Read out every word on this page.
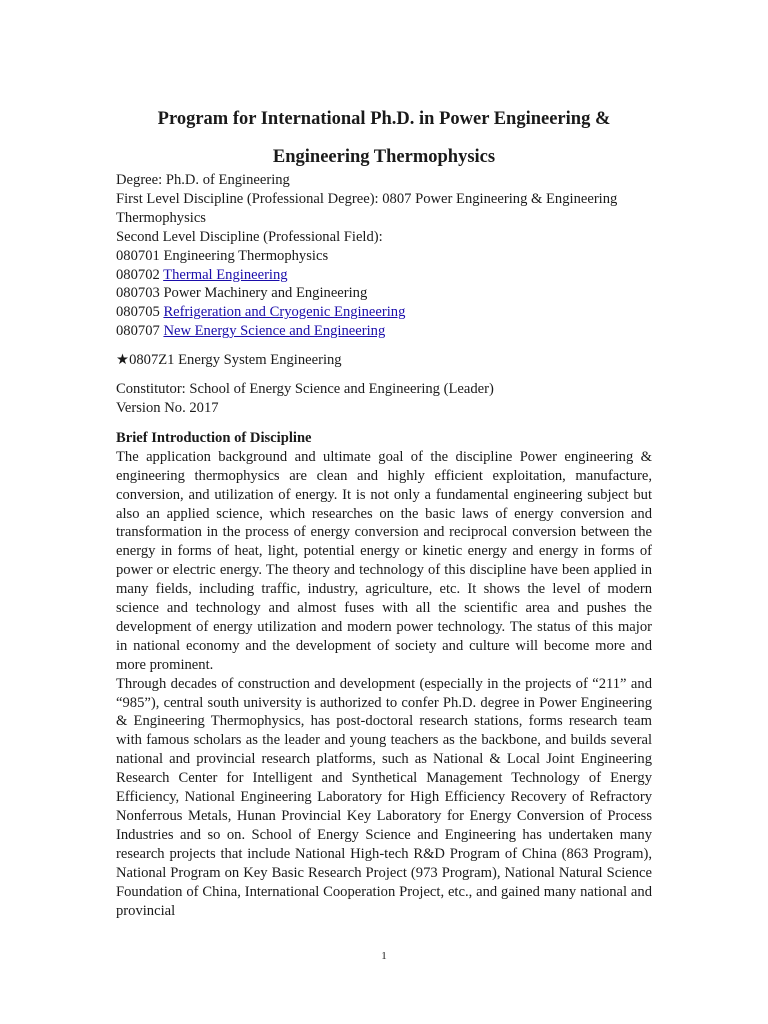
Program for International Ph.D. in Power Engineering & Engineering Thermophysics
Degree: Ph.D. of Engineering
First Level Discipline (Professional Degree): 0807 Power Engineering & Engineering Thermophysics
Second Level Discipline (Professional Field):
080701 Engineering Thermophysics
080702 Thermal Engineering
080703 Power Machinery and Engineering
080705 Refrigeration and Cryogenic Engineering
080707 New Energy Science and Engineering
★0807Z1 Energy System Engineering
Constitutor: School of Energy Science and Engineering (Leader)
Version No. 2017
Brief Introduction of Discipline
The application background and ultimate goal of the discipline Power engineering & engineering thermophysics are clean and highly efficient exploitation, manufacture, conversion, and utilization of energy. It is not only a fundamental engineering subject but also an applied science, which researches on the basic laws of energy conversion and transformation in the process of energy conversion and reciprocal conversion between the energy in forms of heat, light, potential energy or kinetic energy and energy in forms of power or electric energy. The theory and technology of this discipline have been applied in many fields, including traffic, industry, agriculture, etc. It shows the level of modern science and technology and almost fuses with all the scientific area and pushes the development of energy utilization and modern power technology. The status of this major in national economy and the development of society and culture will become more and more prominent.
Through decades of construction and development (especially in the projects of “211” and “985”), central south university is authorized to confer Ph.D. degree in Power Engineering & Engineering Thermophysics, has post-doctoral research stations, forms research team with famous scholars as the leader and young teachers as the backbone, and builds several national and provincial research platforms, such as National & Local Joint Engineering Research Center for Intelligent and Synthetical Management Technology of Energy Efficiency, National Engineering Laboratory for High Efficiency Recovery of Refractory Nonferrous Metals, Hunan Provincial Key Laboratory for Energy Conversion of Process Industries and so on. School of Energy Science and Engineering has undertaken many research projects that include National High-tech R&D Program of China (863 Program), National Program on Key Basic Research Project (973 Program), National Natural Science Foundation of China, International Cooperation Project, etc., and gained many national and provincial
1
